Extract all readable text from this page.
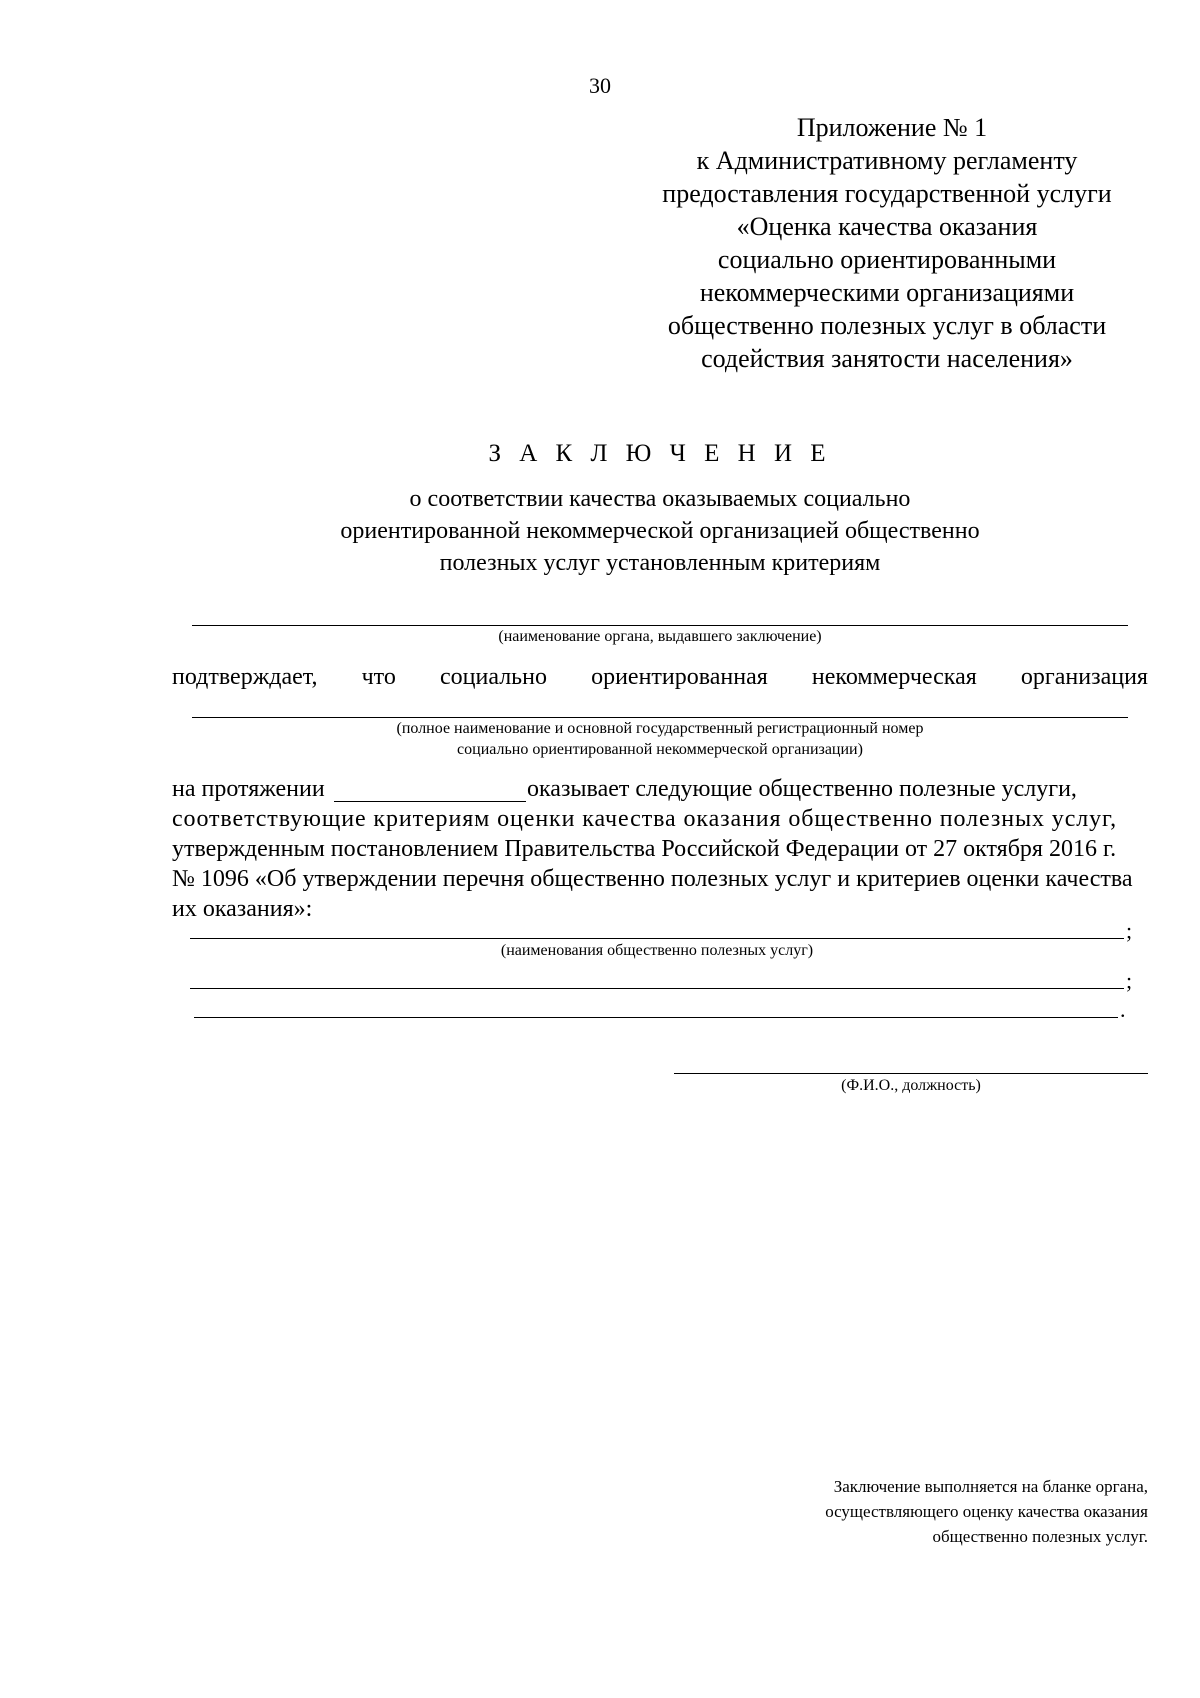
30
Приложение № 1
к Административному регламенту
предоставления государственной услуги
«Оценка качества оказания
социально ориентированными
некоммерческими организациями
общественно полезных услуг в области
содействия занятости населения»
З А К Л Ю Ч Е Н И Е
о соответствии качества оказываемых социально
ориентированной некоммерческой организацией общественно
полезных услуг установленным критериям
(наименование органа, выдавшего заключение)
подтверждает, что социально ориентированная некоммерческая организация
(полное наименование и основной государственный регистрационный номер
социально ориентированной некоммерческой организации)
на протяжении	оказывает следующие общественно полезные услуги,
соответствующие критериям оценки качества оказания общественно полезных услуг,
утвержденным постановлением Правительства Российской Федерации от 27 октября 2016 г.
№ 1096 «Об утверждении перечня общественно полезных услуг и критериев оценки качества
их оказания»:
;
(наименования общественно полезных услуг)
;
.
(Ф.И.О., должность)
Заключение выполняется на бланке органа,
осуществляющего оценку качества оказания
общественно полезных услуг.
